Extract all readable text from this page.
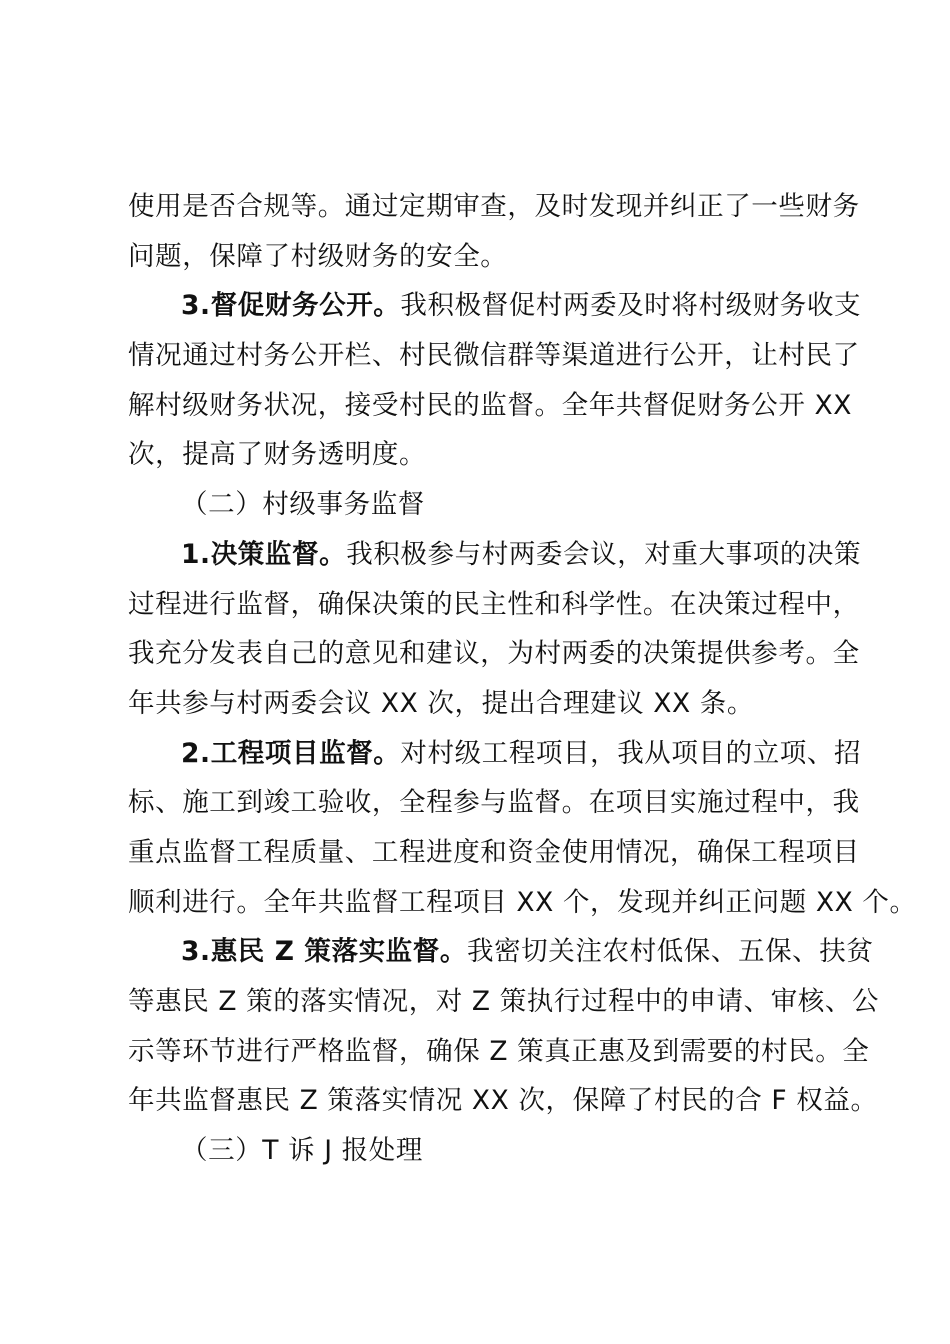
使用是否合规等。通过定期审查，及时发现并纠正了一些财务
问题，保障了村级财务的安全。
3.督促财务公开。我积极督促村两委及时将村级财务收支
情况通过村务公开栏、村民微信群等渠道进行公开，让村民了
解村级财务状况，接受村民的监督。全年共督促财务公开 XX
次，提高了财务透明度。
（二）村级事务监督
1.决策监督。我积极参与村两委会议，对重大事项的决策
过程进行监督，确保决策的民主性和科学性。在决策过程中，
我充分发表自己的意见和建议，为村两委的决策提供参考。全
年共参与村两委会议 XX 次，提出合理建议 XX 条。
2.工程项目监督。对村级工程项目，我从项目的立项、招
标、施工到竣工验收，全程参与监督。在项目实施过程中，我
重点监督工程质量、工程进度和资金使用情况，确保工程项目
顺利进行。全年共监督工程项目 XX 个，发现并纠正问题 XX 个。
3.惠民 Z 策落实监督。我密切关注农村低保、五保、扶贫
等惠民 Z 策的落实情况，对 Z 策执行过程中的申请、审核、公
示等环节进行严格监督，确保 Z 策真正惠及到需要的村民。全
年共监督惠民 Z 策落实情况 XX 次，保障了村民的合 F 权益。
（三）T 诉 J 报处理
